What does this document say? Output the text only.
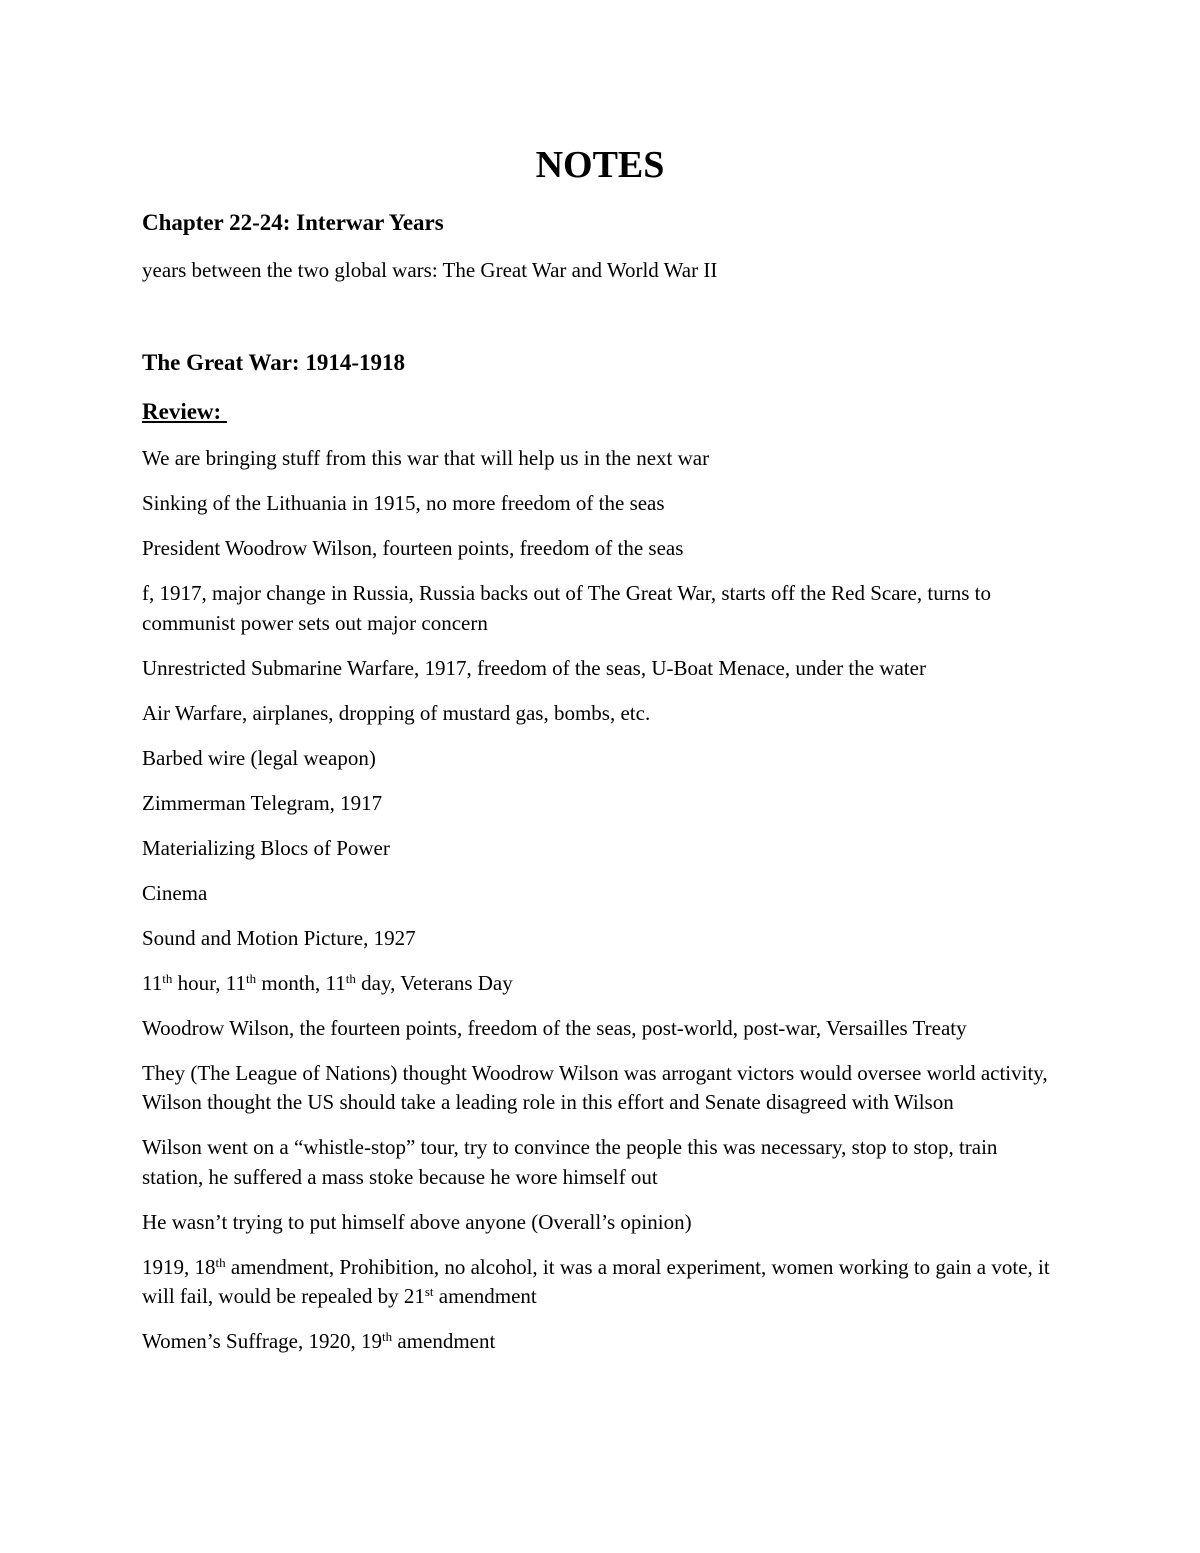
NOTES
Chapter 22-24: Interwar Years

years between the two global wars: The Great War and World War II

The Great War: 1914-1918
Review:
We are bringing stuff from this war that will help us in the next war
Sinking of the Lithuania in 1915, no more freedom of the seas
President Woodrow Wilson, fourteen points, freedom of the seas
f, 1917, major change in Russia, Russia backs out of The Great War, starts off the Red Scare, turns to communist power sets out major concern
Unrestricted Submarine Warfare, 1917, freedom of the seas, U-Boat Menace, under the water
Air Warfare, airplanes, dropping of mustard gas, bombs, etc.
Barbed wire (legal weapon)
Zimmerman Telegram, 1917
Materializing Blocs of Power
Cinema
Sound and Motion Picture, 1927
11th hour, 11th month, 11th day, Veterans Day
Woodrow Wilson, the fourteen points, freedom of the seas, post-world, post-war, Versailles Treaty
They (The League of Nations) thought Woodrow Wilson was arrogant victors would oversee world activity, Wilson thought the US should take a leading role in this effort and Senate disagreed with Wilson
Wilson went on a “whistle-stop” tour, try to convince the people this was necessary, stop to stop, train station, he suffered a mass stoke because he wore himself out
He wasn’t trying to put himself above anyone (Overall’s opinion)
1919, 18th amendment, Prohibition, no alcohol, it was a moral experiment, women working to gain a vote, it will fail, would be repealed by 21st amendment
Women’s Suffrage, 1920, 19th amendment
